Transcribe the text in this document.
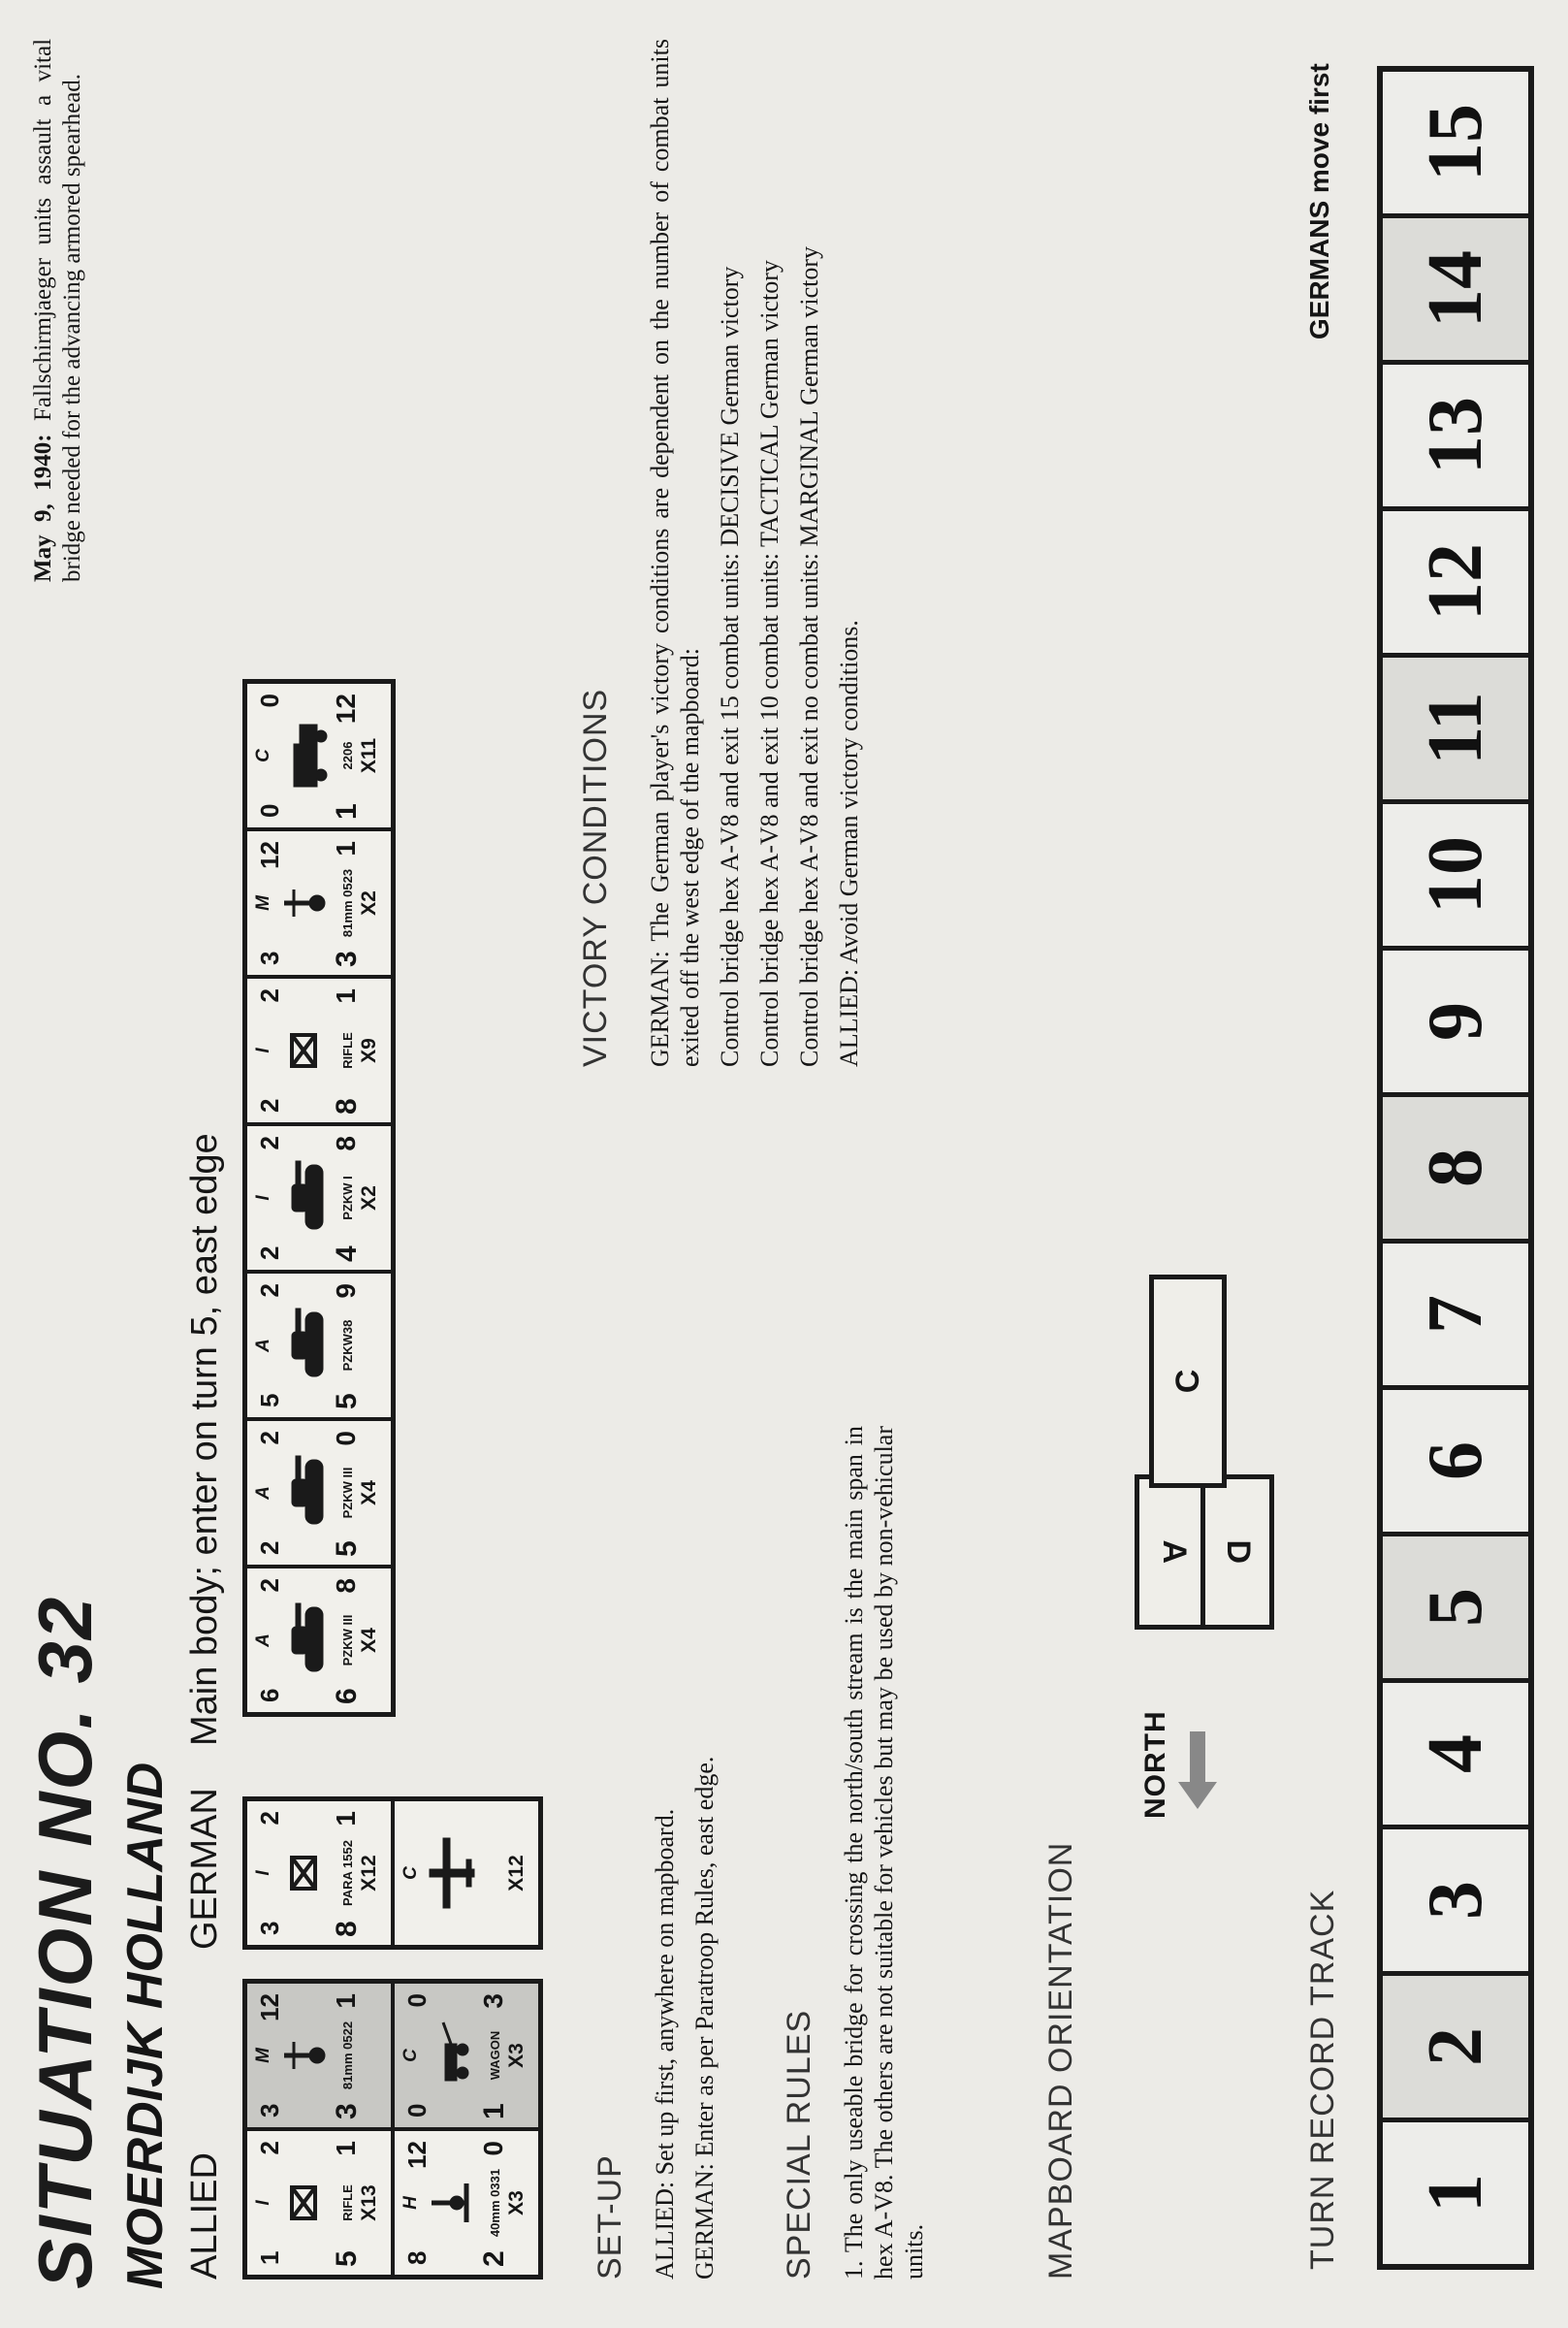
SITUATION NO. 32 MOERDIJK HOLLAND
May 9, 1940: Fallschirmjaeger units assault a vital bridge needed for the advancing armored spearhead.
ALLIED 1
I
2
5
1
RIFLE X13
3
M
12
3
1
81mm 0522
8
H
12
2
0
40mm 0331 X3
0
C
0
1
3
WAGON X3
GERMAN 3
I
2
8
1
PARA 1552 X12 C	X12
Main body; enter on turn 5, east edge 6
A
2
6
8
PZKW III X4
2
A
2
5
0
PZKW III X4
5
A
2
5
9
PZKW38
2
I
2
4
8
PZKW I X2
2
I
2
8
1
RIFLE X9
3
M
12
3
1
81mm 0523 X2
0
C
0
1
12
2206 X11
SET-UP ALLIED: Set up first, anywhere on mapboard. GERMAN: Enter as per Paratroop Rules, east edge. SPECIAL RULES 1. The only useable bridge for crossing the north/south stream is the main span in hex A-V8. The others are not suitable for vehicles but may be used by non-vehicular units.
VICTORY CONDITIONS GERMAN: The German player's victory conditions are dependent on the number of combat units exited off the west edge of the mapboard: Control bridge hex A-V8 and exit 15 combat units: DECISIVE German victory Control bridge hex A-V8 and exit 10 combat units: TACTICAL German victory Control bridge hex A-V8 and exit no combat units: MARGINAL German victory ALLIED: Avoid German victory conditions.

MAPBOARD ORIENTATION
NORTH
A D
C
TURN RECORD TRACK
GERMANS move first
1
2
3
4
5
6
7
8
9
10
11
12
13
14
15
